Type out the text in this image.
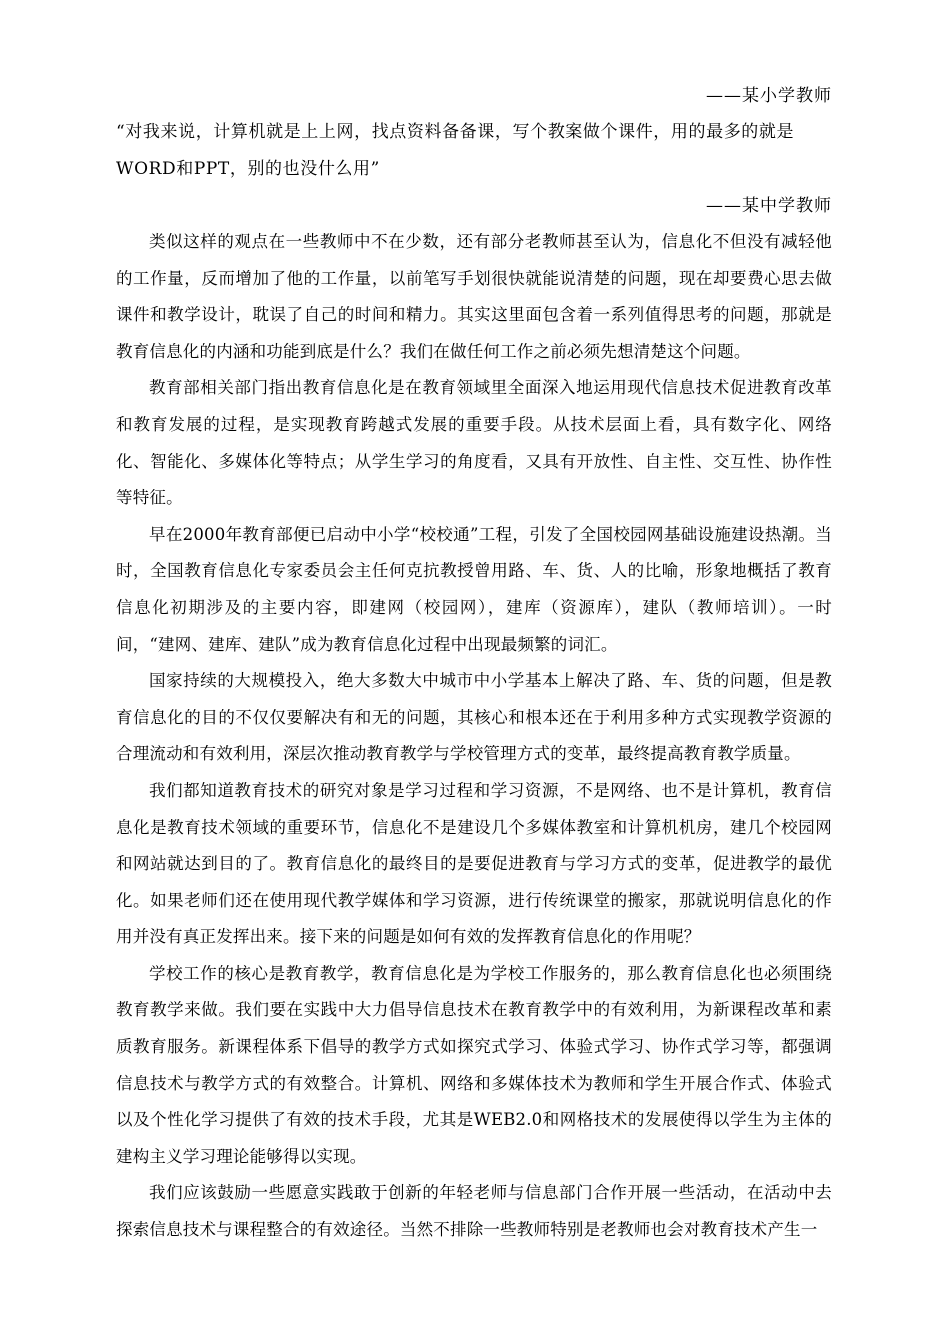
——某小学教师

“对我来说，计算机就是上上网，找点资料备备课，写个教案做个课件，用的最多的就是WORD和PPT，别的也没什么用”

——某中学教师

类似这样的观点在一些教师中不在少数，还有部分老教师甚至认为，信息化不但没有减轻他的工作量，反而增加了他的工作量，以前笔写手划很快就能说清楚的问题，现在却要费心思去做课件和教学设计，耽误了自己的时间和精力。其实这里面包含着一系列值得思考的问题，那就是教育信息化的内涵和功能到底是什么？我们在做任何工作之前必须先想清楚这个问题。

教育部相关部门指出教育信息化是在教育领域里全面深入地运用现代信息技术促进教育改革和教育发展的过程，是实现教育跨越式发展的重要手段。从技术层面上看，具有数字化、网络化、智能化、多媒体化等特点；从学生学习的角度看，又具有开放性、自主性、交互性、协作性等特征。

早在2000年教育部便已启动中小学“校校通”工程，引发了全国校园网基础设施建设热潮。当时，全国教育信息化专家委员会主任何克抗教授曾用路、车、货、人的比喻，形象地概括了教育信息化初期涉及的主要内容，即建网（校园网），建库（资源库），建队（教师培训）。一时间，“建网、建库、建队”成为教育信息化过程中出现最频繁的词汇。

国家持续的大规模投入，绝大多数大中城市中小学基本上解决了路、车、货的问题，但是教育信息化的目的不仅仅要解决有和无的问题，其核心和根本还在于利用多种方式实现教学资源的合理流动和有效利用，深层次推动教育教学与学校管理方式的变革，最终提高教育教学质量。

我们都知道教育技术的研究对象是学习过程和学习资源，不是网络、也不是计算机，教育信息化是教育技术领域的重要环节，信息化不是建设几个多媒体教室和计算机机房，建几个校园网和网站就达到目的了。教育信息化的最终目的是要促进教育与学习方式的变革，促进教学的最优化。如果老师们还在使用现代教学媒体和学习资源，进行传统课堂的搬家，那就说明信息化的作用并没有真正发挥出来。接下来的问题是如何有效的发挥教育信息化的作用呢？

学校工作的核心是教育教学，教育信息化是为学校工作服务的，那么教育信息化也必须围绕教育教学来做。我们要在实践中大力倡导信息技术在教育教学中的有效利用，为新课程改革和素质教育服务。新课程体系下倡导的教学方式如探究式学习、体验式学习、协作式学习等，都强调信息技术与教学方式的有效整合。计算机、网络和多媒体技术为教师和学生开展合作式、体验式以及个性化学习提供了有效的技术手段，尤其是WEB2.0和网格技术的发展使得以学生为主体的建构主义学习理论能够得以实现。

我们应该鼓励一些愿意实践敢于创新的年轻老师与信息部门合作开展一些活动，在活动中去探索信息技术与课程整合的有效途径。当然不排除一些教师特别是老教师也会对教育技术产生一
